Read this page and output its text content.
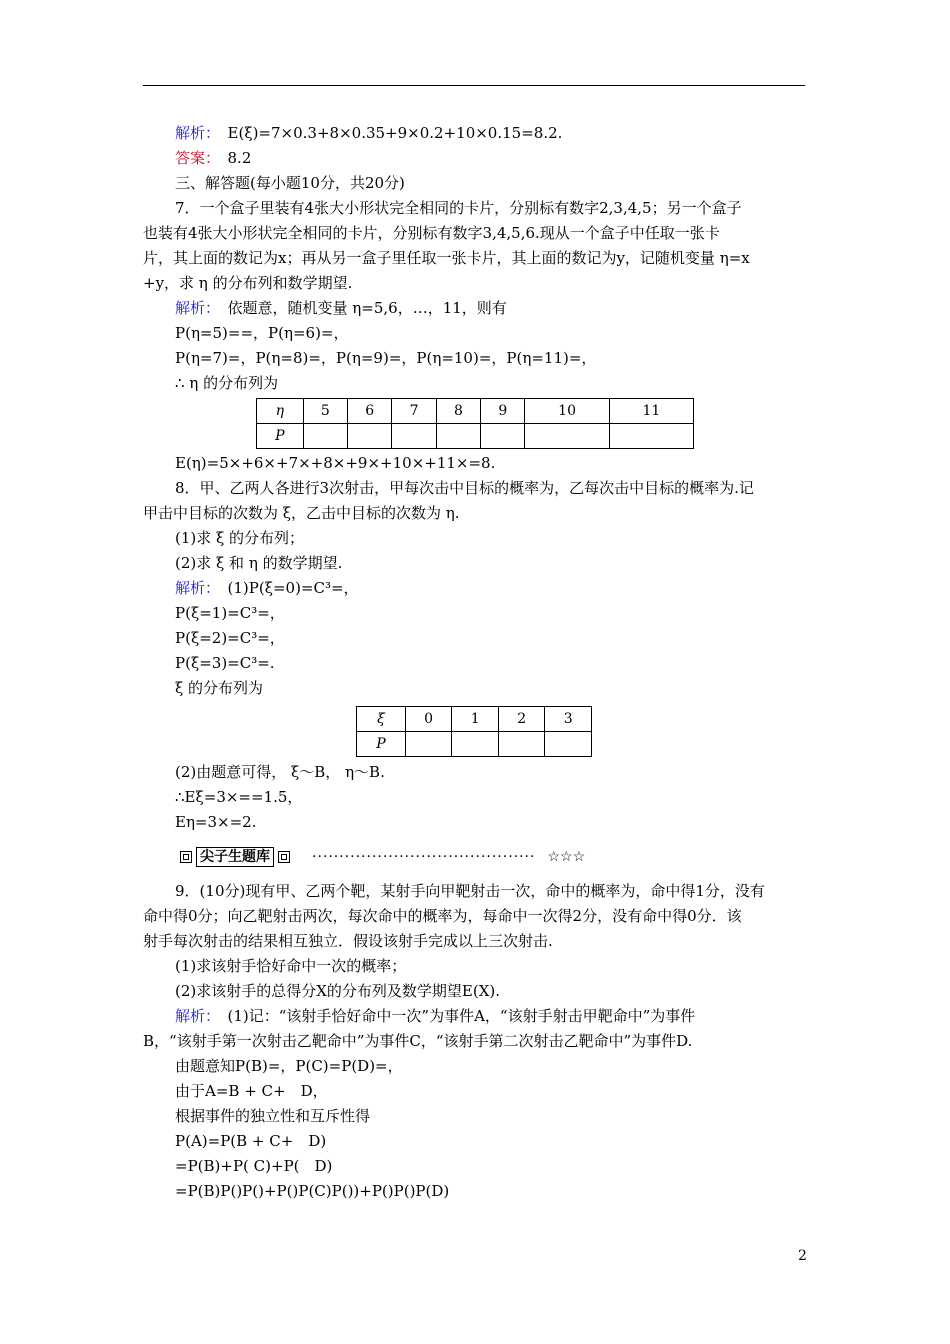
解析：　E(ξ)=7×0.3+8×0.35+9×0.2+10×0.15=8.2.
答案：　8.2
三、解答题(每小题10分，共20分)
　7．一个盒子里装有4张大小形状完全相同的卡片，分别标有数字2,3,4,5；另一个盒子
也装有4张大小形状完全相同的卡片，分别标有数字3,4,5,6.现从一个盒子中任取一张卡
片，其上面的数记为x；再从另一盒子里任取一张卡片，其上面的数记为y，记随机变量 η=x
+y，求 η 的分布列和数学期望.
解析：　依题意，随机变量 η=5,6，…，11，则有
P(η=5)==，P(η=6)=，
P(η=7)=，P(η=8)=，P(η=9)=，P(η=10)=，P(η=11)=，
∴ η 的分布列为
η	5	6	7	8	9	10	11
P							
E(η)=5×+6×+7×+8×+9×+10×+11×=8.
　8．甲、乙两人各进行3次射击，甲每次击中目标的概率为，乙每次击中目标的概率为.记
甲击中目标的次数为 ξ，乙击中目标的次数为 η.
(1)求 ξ 的分布列；
(2)求 ξ 和 η 的数学期望.
解析：　(1)P(ξ=0)=C³=，
P(ξ=1)=C³=，
P(ξ=2)=C³=，
P(ξ=3)=C³=.
ξ 的分布列为
ξ	0	1	2	3
P				
(2)由题意可得， ξ～B， η～B.
∴Eξ=3×==1.5，
Eη=3×=2.
尖子生题库	········································· ☆☆☆
　9．(10分)现有甲、乙两个靶，某射手向甲靶射击一次，命中的概率为，命中得1分，没有
命中得0分；向乙靶射击两次，每次命中的概率为，每命中一次得2分，没有命中得0分．该
射手每次射击的结果相互独立．假设该射手完成以上三次射击.
(1)求该射手恰好命中一次的概率；
(2)求该射手的总得分X的分布列及数学期望E(X).
解析：　(1)记：“该射手恰好命中一次”为事件A，“该射手射击甲靶命中”为事件
B，“该射手第一次射击乙靶命中”为事件C，“该射手第二次射击乙靶命中”为事件D.
由题意知P(B)=，P(C)=P(D)=，
由于A=B + C+　D，
根据事件的独立性和互斥性得
P(A)=P(B + C+　D)
=P(B)+P( C)+P(　D)
=P(B)P()P()+P()P(C)P())+P()P()P(D)
2
